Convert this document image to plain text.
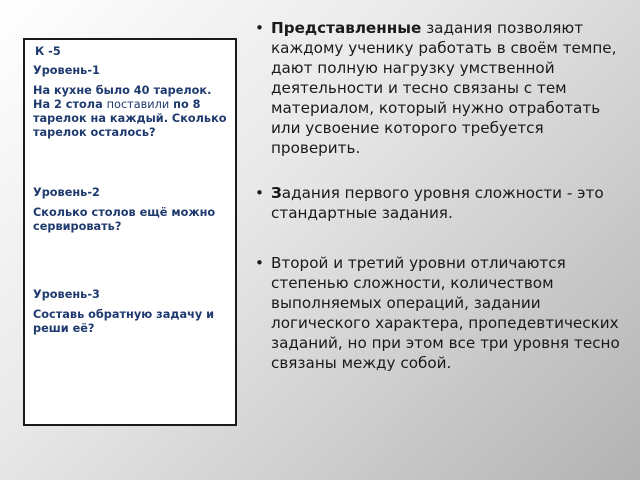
К -5

Уровень-1

На кухне было 40 тарелок. На 2 стола поставили по 8 тарелок на каждый. Сколько тарелок осталось?

Уровень-2

Сколько столов ещё можно сервировать?

Уровень-3

Составь обратную задачу и реши её?

• Представленные задания позволяют каждому ученику работать в своём темпе, дают полную нагрузку умственной деятельности и тесно связаны с тем материалом, который нужно отработать или усвоение которого требуется проверить.
• Задания первого уровня сложности - это стандартные задания.
• Второй и третий уровни отличаются степенью сложности, количеством выполняемых операций, задании логического характера, пропедевтических заданий, но при этом все три уровня тесно связаны между собой.
